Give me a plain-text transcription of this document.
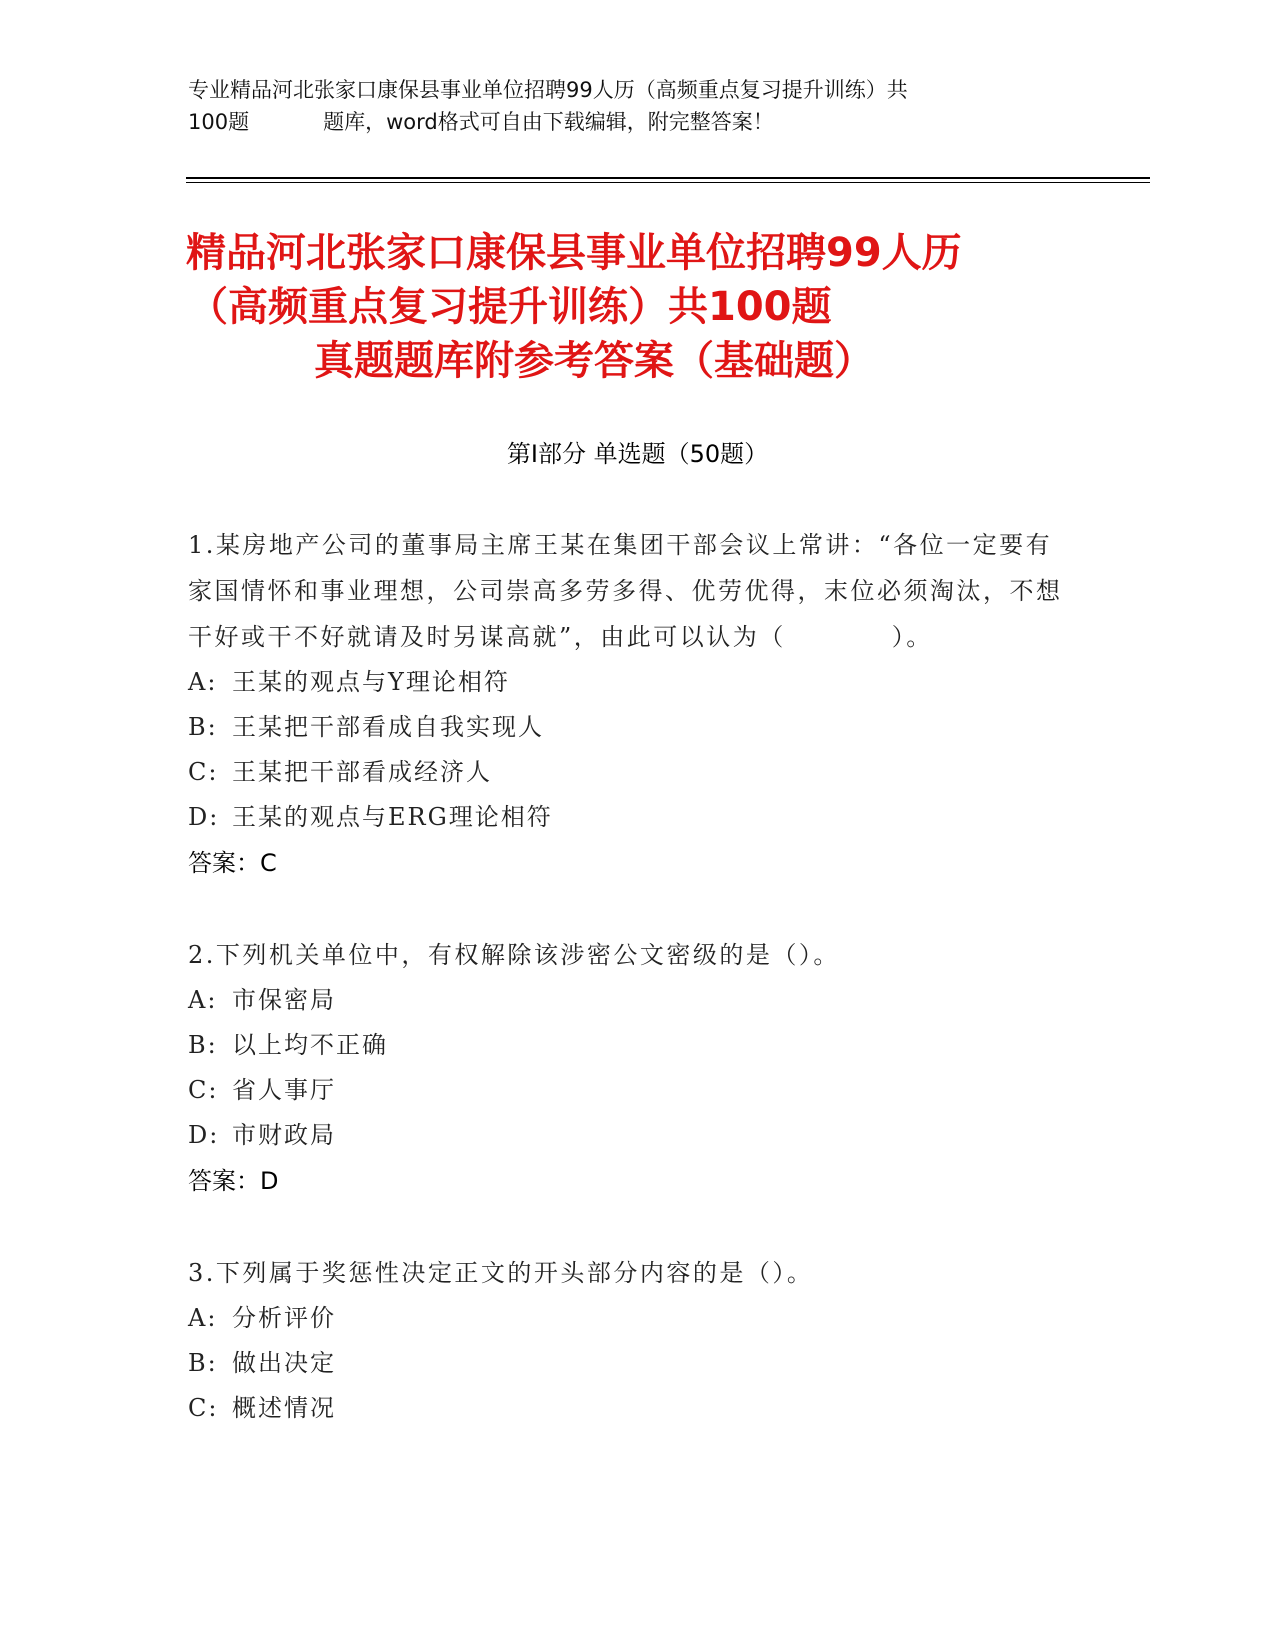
专业精品河北张家口康保县事业单位招聘99人历（高频重点复习提升训练）共
100题	题库，word格式可自由下载编辑，附完整答案！
精品河北张家口康保县事业单位招聘99人历
（高频重点复习提升训练）共100题
真题题库附参考答案（基础题）
第Ⅰ部分 单选题（50题）
1.某房地产公司的董事局主席王某在集团干部会议上常讲：“各位一定要有家国情怀和事业理想，公司崇高多劳多得、优劳优得，末位必须淘汰，不想干好或干不好就请及时另谋高就”，由此可以认为（　　　　）。
A: 王某的观点与Y理论相符
B: 王某把干部看成自我实现人
C: 王某把干部看成经济人
D: 王某的观点与ERG理论相符
答案：C
2.下列机关单位中，有权解除该涉密公文密级的是（）。
A: 市保密局
B: 以上均不正确
C: 省人事厅
D: 市财政局
答案：D
3.下列属于奖惩性决定正文的开头部分内容的是（）。
A: 分析评价
B: 做出决定
C: 概述情况
